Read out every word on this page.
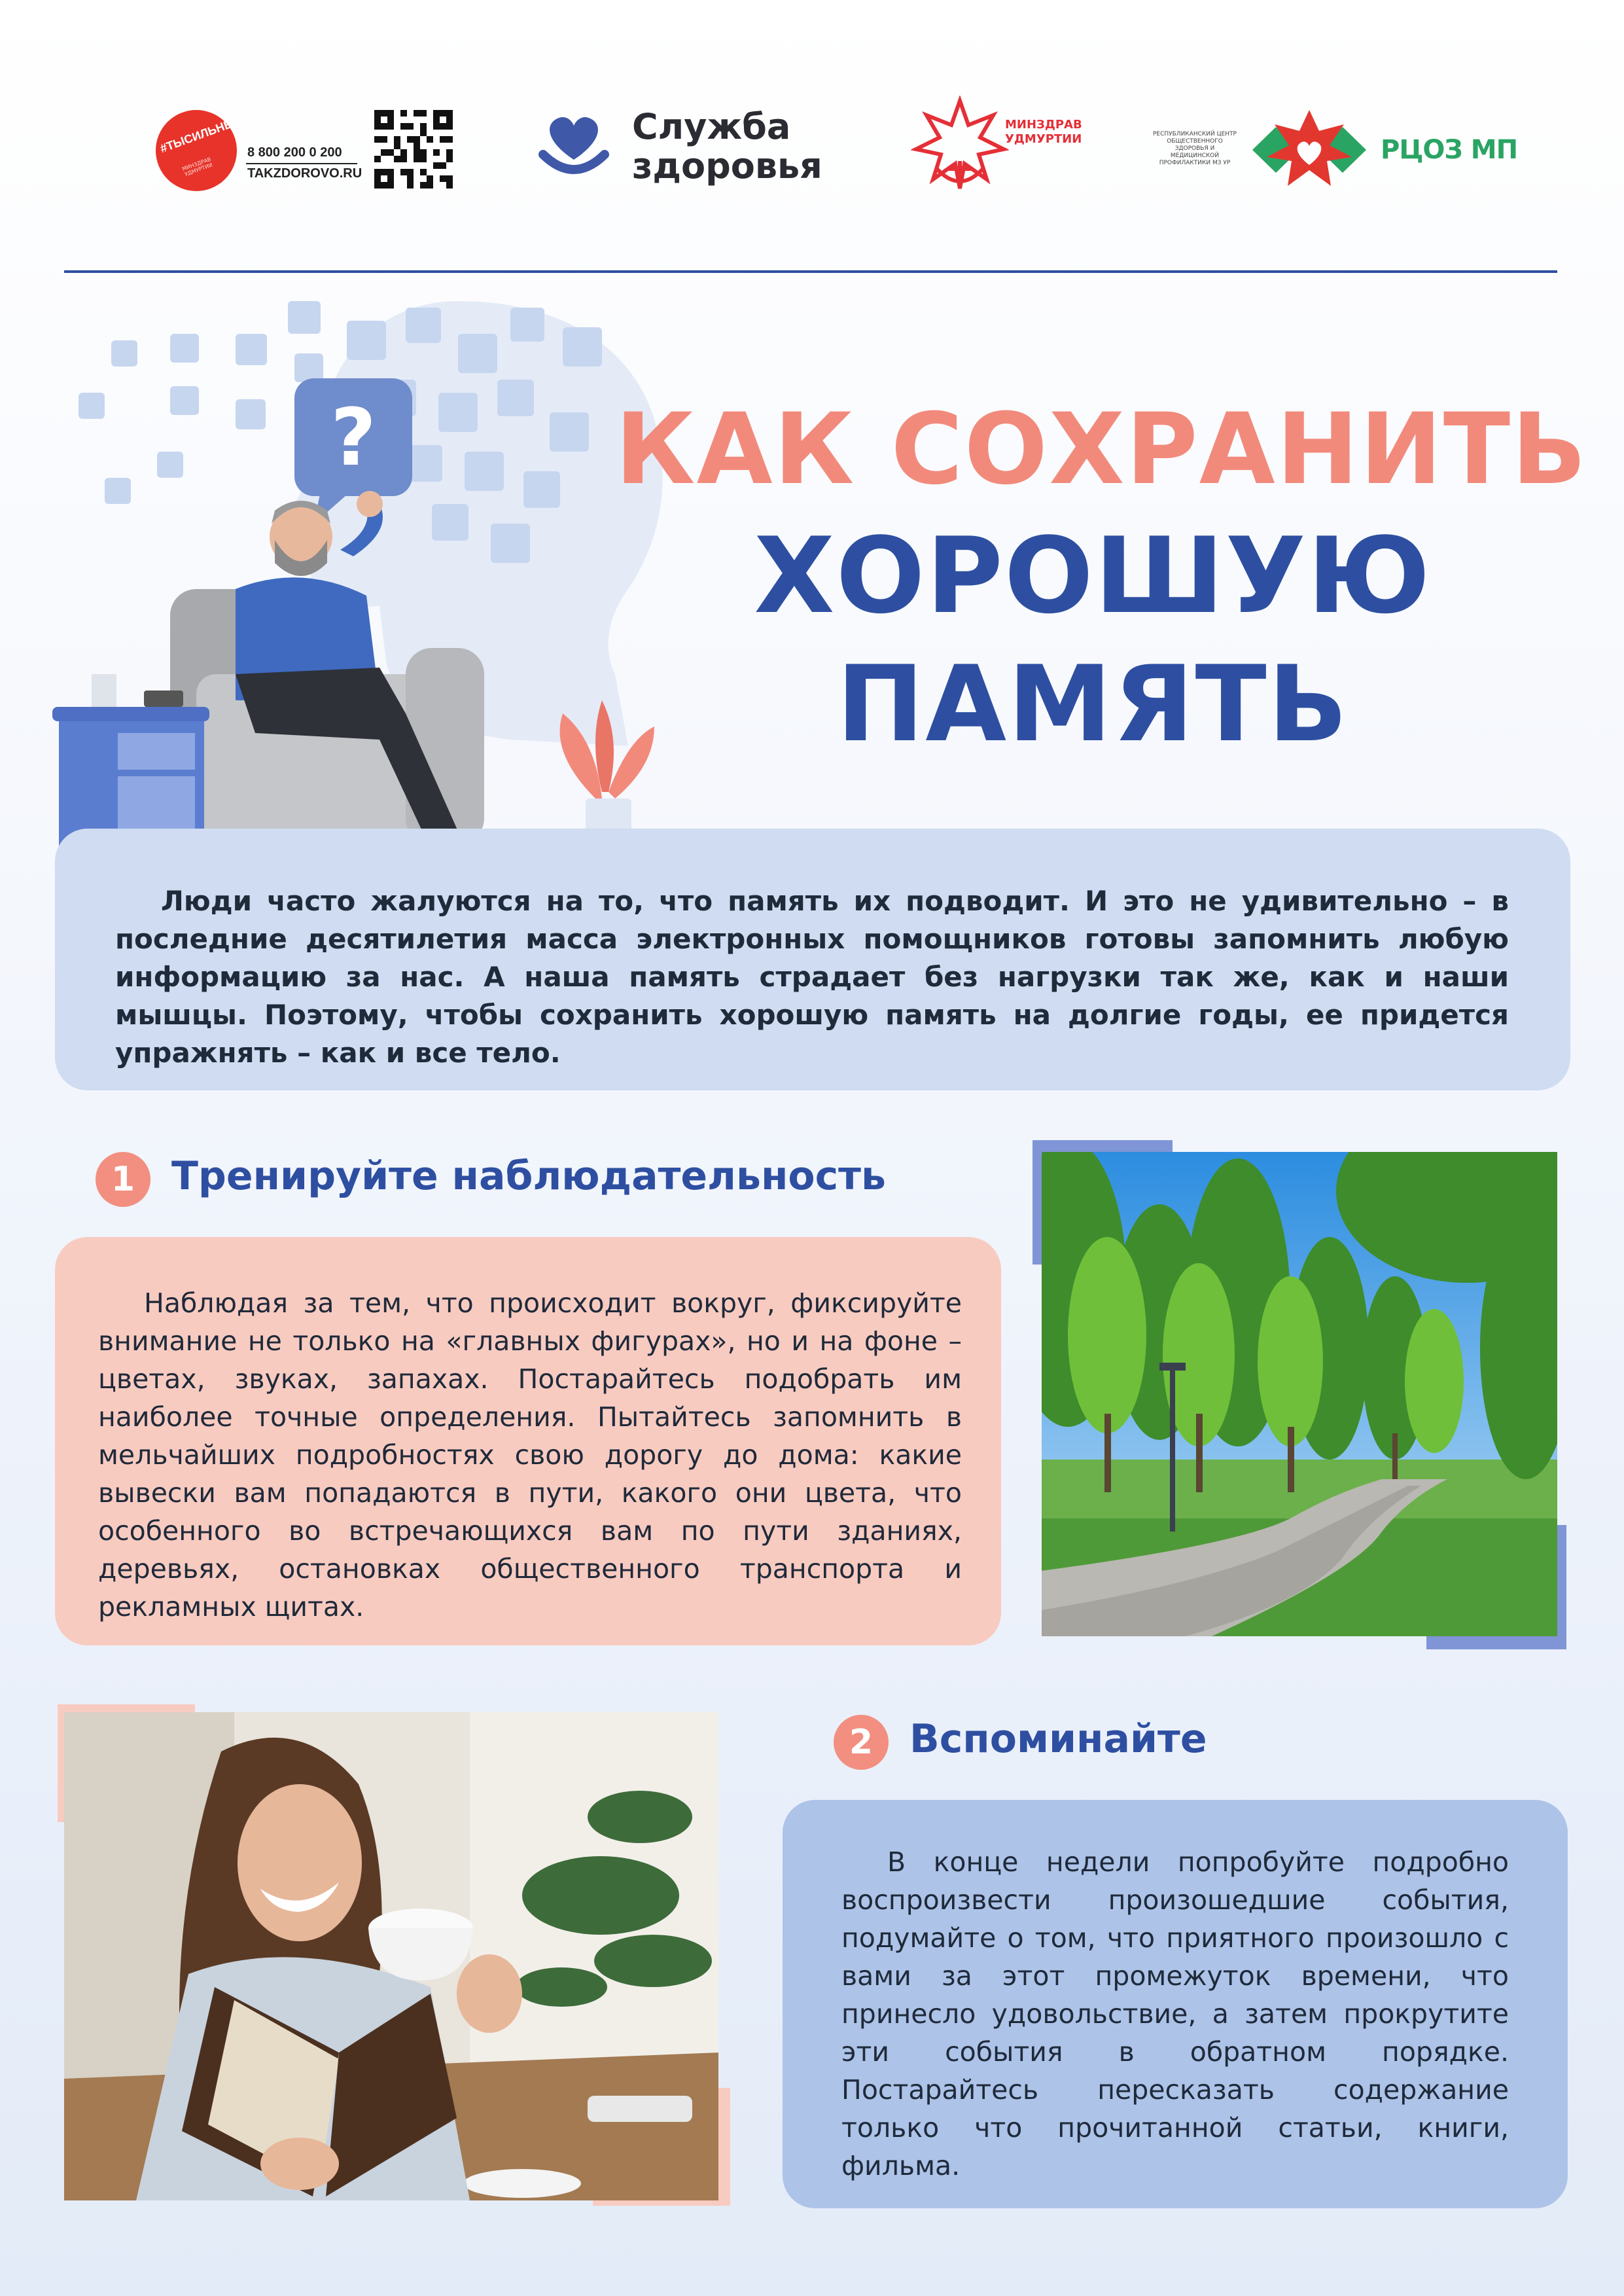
#ТЫСИЛЬНЕЕ
МИНЗДРАВ УДМУРТИИ
8 800 200 0 200
TAKZDOROVO.RU
Служба
здоровья
МИНЗДРАВ
УДМУРТИИ	РЕСПУБЛИКАНСКИЙ ЦЕНТР ОБЩЕСТВЕННОГО ЗДОРОВЬЯ И МЕДИЦИНСКОЙ ПРОФИЛАКТИКИ МЗ УР	РЦОЗ МП
? КАК СОХРАНИТЬ
ХОРОШУЮ
ПАМЯТЬ
Люди часто жалуются на то, что память их подводит. И это не удивительно – в последние десятилетия масса электронных помощников готовы запомнить любую информацию за нас. А наша память страдает без нагрузки так же, как и наши мышцы. Поэтому, чтобы сохранить хорошую память на долгие годы, ее придется упражнять – как и все тело.
1 Тренируйте наблюдательность
Наблюдая за тем, что происходит вокруг, фиксируйте внимание не только на «главных фигурах», но и на фоне – цветах, звуках, запахах. Постарайтесь подобрать им наиболее точные определения. Пытайтесь запомнить в мельчайших подробностях свою дорогу до дома: какие вывески вам попадаются в пути, какого они цвета, что особенного во встречающихся вам по пути зданиях, деревьях, остановках общественного транспорта и рекламных щитах.
2 Вспоминайте
В конце недели попробуйте подробно воспроизвести произошедшие события, подумайте о том, что приятного произошло с вами за этот промежуток времени, что принесло удовольствие, а затем прокрутите эти события в обратном порядке. Постарайтесь пересказать содержание только что прочитанной статьи, книги, фильма.
